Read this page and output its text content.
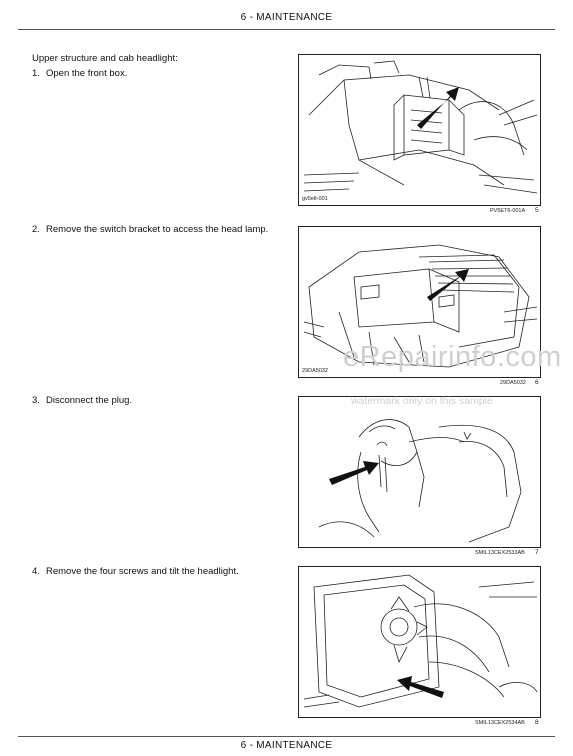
6 - MAINTENANCE
Upper structure and cab headlight:
1. Open the front box.
2. Remove the switch bracket to access the head lamp.
3. Disconnect the plug.
4. Remove the four screws and tilt the headlight.
gv5elt-001
PV5ET6-001A 5
29DA5032
29DA5032 6
SMIL13CEX2533AB 7
SMIL13CEX2534AB 8
eRepairinfo.com
watermark only on this sample
6 - MAINTENANCE
